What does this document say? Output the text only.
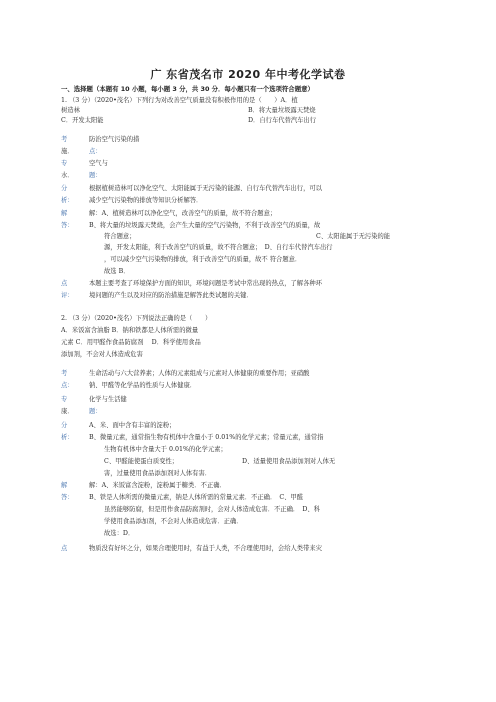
广 东省茂名市 2020 年中考化学试卷
一、选择题（本题有 10 小题，每小题 3 分，共 30 分．每小题只有一个选项符合题意）
1. （3 分）（2020•茂名）下列行为对改善空气质量没有积极作用的是（　　）A．植
树造林	B．将大量垃圾露天焚烧
C．开发太阳能	D．自行车代替汽车出行
考	防治空气污染的措
施． 点：
专	空气与
水． 题：
分	根据植树造林可以净化空气、太阳能属于无污染的能源、自行车代替汽车出行，可以
析： 减少空气污染物的排放等知识分析解答．
解	解：A、植树造林可以净化空气，改善空气的质量，故不符合题意；
答： B、将大量的垃圾露天焚烧，会产生大量的空气污染物，不利于改善空气的质量，故
符合题意；	C、太阳能属于无污染的能
源，开发太阳能，利于改善空气的质量，故不符合题意；　D、自行车代替汽车出行
，可以减少空气污染物的排放，利于改善空气的质量，故不 符合题意．
故选 B．
点	本题主要考查了环境保护方面的知识，环境问题是考试中常出现的热点，了解各种环
评： 境问题的产生以及对应的防治措施是解答此类试题的关键．
2. （3 分）（2020•茂名）下列说法正确的是（　　）
A．米饭富含油脂 B．钠和铁都是人体所需的微量
元素 C．用甲醛作食品防腐剂　 D．科学使用食品
添加剂，不会对人体造成危害
考	生命活动与六大营养素；人体的元素组成与元素对人体健康的重要作用；亚硝酸
点： 钠、甲醛等化学品的性质与人体健康．
专	化学与生活健
康． 题：
分	A、米、面中含有丰富的淀粉；
析： B、微量元素，通常指生物有机体中含量小于 0.01%的化学元素；常量元素，通常指
生物有机体中含量大于 0.01%的化学元素；
C、甲醛能使蛋白质变性；	D、适量使用食品添加剂对人体无
害，过量使用食品添加剂对人体有害．
解	解：A、米饭富含淀粉，淀粉属于糖类．不正确．
答： B、铁是人体所需的微量元素，钠是人体所需的常量元素．不正确．　C、甲醛
虽然能够防腐，但是用作食品防腐剂时，会对人体造成危害．不正确．　D、科
学使用食品添加剂，不会对人体造成危害．正确．
故选：D．
点	物质没有好坏之分，如果合理使用时，有益于人类，不合理使用时，会给人类带来灾
